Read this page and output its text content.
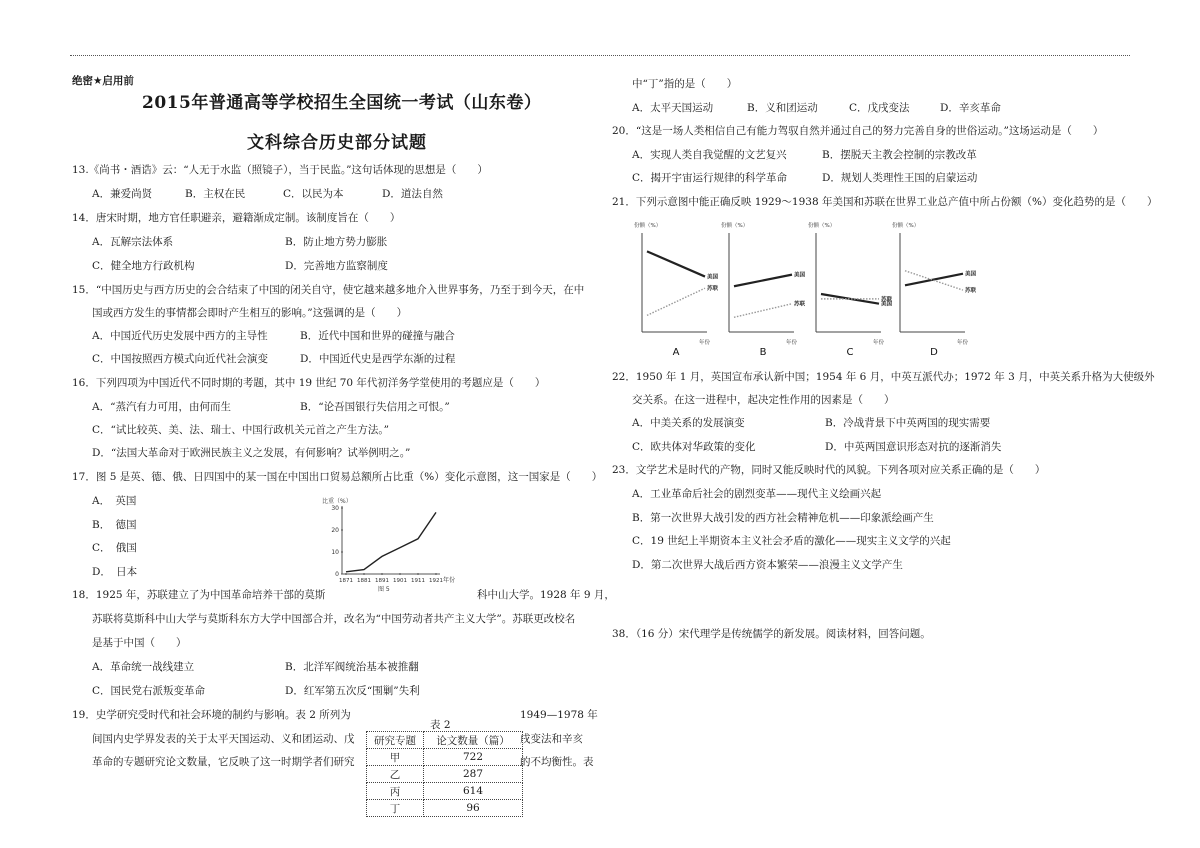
绝密★启用前
2015年普通高等学校招生全国统一考试（山东卷）
文科综合历史部分试题
13.《尚书・酒诰》云：“人无于水监（照镜子），当于民监。”这句话体现的思想是（　　）
A．兼爱尚贤	B．主权在民	C．以民为本	D．道法自然
14．唐宋时期，地方官任职避亲，避籍渐成定制。该制度旨在（　　）
A．瓦解宗法体系	B．防止地方势力膨胀
C．健全地方行政机构	D．完善地方监察制度
15．“中国历史与西方历史的会合结束了中国的闭关自守，使它越来越多地介入世界事务，乃至于到今天，在中
国或西方发生的事情都会即时产生相互的影响。”这强调的是（　　）
A．中国近代历史发展中西方的主导性	B．近代中国和世界的碰撞与融合
C．中国按照西方模式向近代社会演变	D．中国近代史是西学东渐的过程
16．下列四项为中国近代不同时期的考题，其中 19 世纪 70 年代初洋务学堂使用的考题应是（　　）
A．“蒸汽有力可用，由何而生	B．“论吾国银行失信用之可恨。”
C．“试比较英、美、法、瑞士、中国行政机关元首之产生方法。”
D．“法国大革命对于欧洲民族主义之发展，有何影响？试举例明之。”
17．图 5 是英、德、俄、日四国中的某一国在中国出口贸易总额所占比重（%）变化示意图，这一国家是（　　）
A．　英国
B．　德国
C．　俄国
D．　日本
比重（%）
0
10
20
30
1871 1881 1891 1901 1911 1921 年份
图 5
18．1925 年，苏联建立了为中国革命培养干部的莫斯	科中山大学。1928 年 9 月，
苏联将莫斯科中山大学与莫斯科东方大学中国部合并，改名为“中国劳动者共产主义大学”。苏联更改校名
是基于中国（　　）
A．革命统一战线建立	B．北洋军阀统治基本被推翻
C．国民党右派叛变革命	D．红军第五次反“围剿”失利
19．史学研究受时代和社会环境的制约与影响。表 2 所列为	1949—1978 年
间国内史学界发表的关于太平天国运动、义和团运动、戊	戌变法和辛亥
革命的专题研究论文数量，它反映了这一时期学者们研究	的不均衡性。表
表 2
研究专题	论文数量（篇）
甲	722
乙	287
丙	614
丁	96
中“丁”指的是（　　）
A．太平天国运动	B．义和团运动	C．戊戌变法	D．辛亥革命
20．“这是一场人类相信自己有能力驾驭自然并通过自己的努力完善自身的世俗运动。”这场运动是（　　）
A．实现人类自我觉醒的文艺复兴	B．摆脱天主教会控制的宗教改革
C．揭开宇宙运行规律的科学革命	D．规划人类理性王国的启蒙运动
21．下列示意图中能正确反映 1929～1938 年美国和苏联在世界工业总产值中所占份额（%）变化趋势的是（　　）
份额（%）
年份
美国
苏联
A
份额（%）
年份
美国
苏联
B
份额（%）
年份
美国
苏联
C
份额（%）
年份
美国
苏联
D
22．1950 年 1 月，英国宣布承认新中国；1954 年 6 月，中英互派代办；1972 年 3 月，中英关系升格为大使级外
交关系。在这一进程中，起决定性作用的因素是（　　）
A．中美关系的发展演变	B．冷战背景下中英两国的现实需要
C．欧共体对华政策的变化	D．中英两国意识形态对抗的逐渐消失
23．文学艺术是时代的产物，同时又能反映时代的风貌。下列各项对应关系正确的是（　　）
A．工业革命后社会的剧烈变革——现代主义绘画兴起
B．第一次世界大战引发的西方社会精神危机——印象派绘画产生
C．19 世纪上半期资本主义社会矛盾的激化——现实主义文学的兴起
D．第二次世界大战后西方资本繁荣——浪漫主义文学产生
38．（16 分）宋代理学是传统儒学的新发展。阅读材料，回答问题。
